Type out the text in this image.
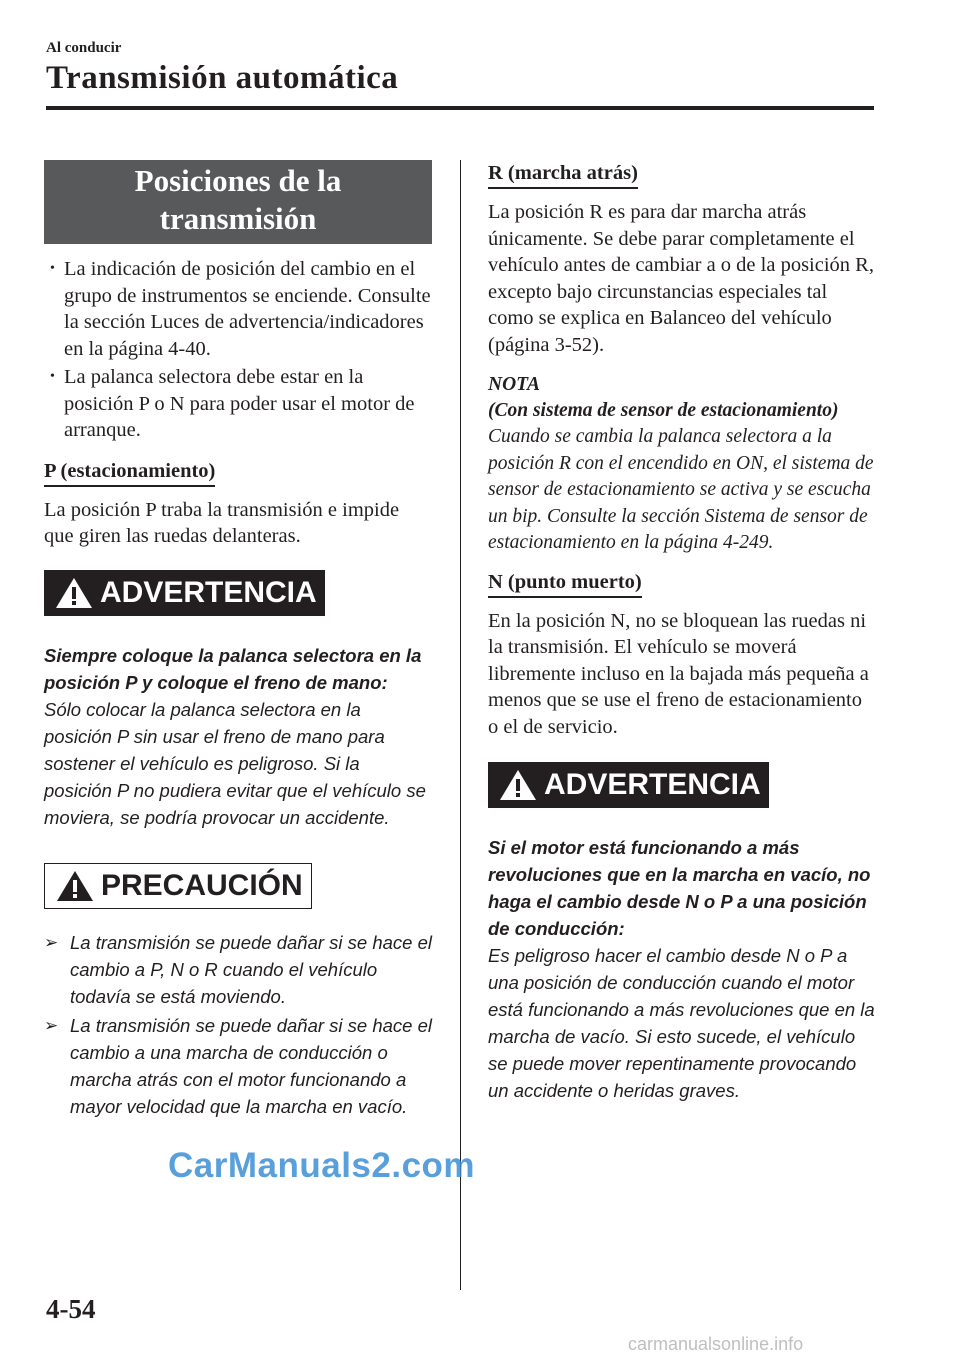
Al conducir
Transmisión automática
Posiciones de la
transmisión
• La indicación de posición del cambio en el grupo de instrumentos se enciende. Consulte la sección Luces de advertencia/indicadores en la página 4-40.
• La palanca selectora debe estar en la posición P o N para poder usar el motor de arranque.
P (estacionamiento)

La posición P traba la transmisión e impide que giren las ruedas delanteras.

ADVERTENCIA
Siempre coloque la palanca selectora en la posición P y coloque el freno de mano:
Sólo colocar la palanca selectora en la posición P sin usar el freno de mano para sostener el vehículo es peligroso. Si la posición P no pudiera evitar que el vehículo se moviera, se podría provocar un accidente.
PRECAUCIÓN
➢ La transmisión se puede dañar si se hace el cambio a P, N o R cuando el vehículo todavía se está moviendo.
➢ La transmisión se puede dañar si se hace el cambio a una marcha de conducción o marcha atrás con el motor funcionando a mayor velocidad que la marcha en vacío.
R (marcha atrás)

La posición R es para dar marcha atrás únicamente. Se debe parar completamente el vehículo antes de cambiar a o de la posición R, excepto bajo circunstancias especiales tal como se explica en Balanceo del vehículo (página 3-52).

NOTA
(Con sistema de sensor de estacionamiento)
Cuando se cambia la palanca selectora a la posición R con el encendido en ON, el sistema de sensor de estacionamiento se activa y se escucha un bip. Consulte la sección Sistema de sensor de estacionamiento en la página 4-249.
N (punto muerto)

En la posición N, no se bloquean las ruedas ni la transmisión. El vehículo se moverá libremente incluso en la bajada más pequeña a menos que se use el freno de estacionamiento o el de servicio.

ADVERTENCIA
Si el motor está funcionando a más revoluciones que en la marcha en vacío, no haga el cambio desde N o P a una posición de conducción:
Es peligroso hacer el cambio desde N o P a una posición de conducción cuando el motor está funcionando a más revoluciones que en la marcha de vacío. Si esto sucede, el vehículo se puede mover repentinamente provocando un accidente o heridas graves.
4-54
CarManuals2.com
carmanualsonline.info
